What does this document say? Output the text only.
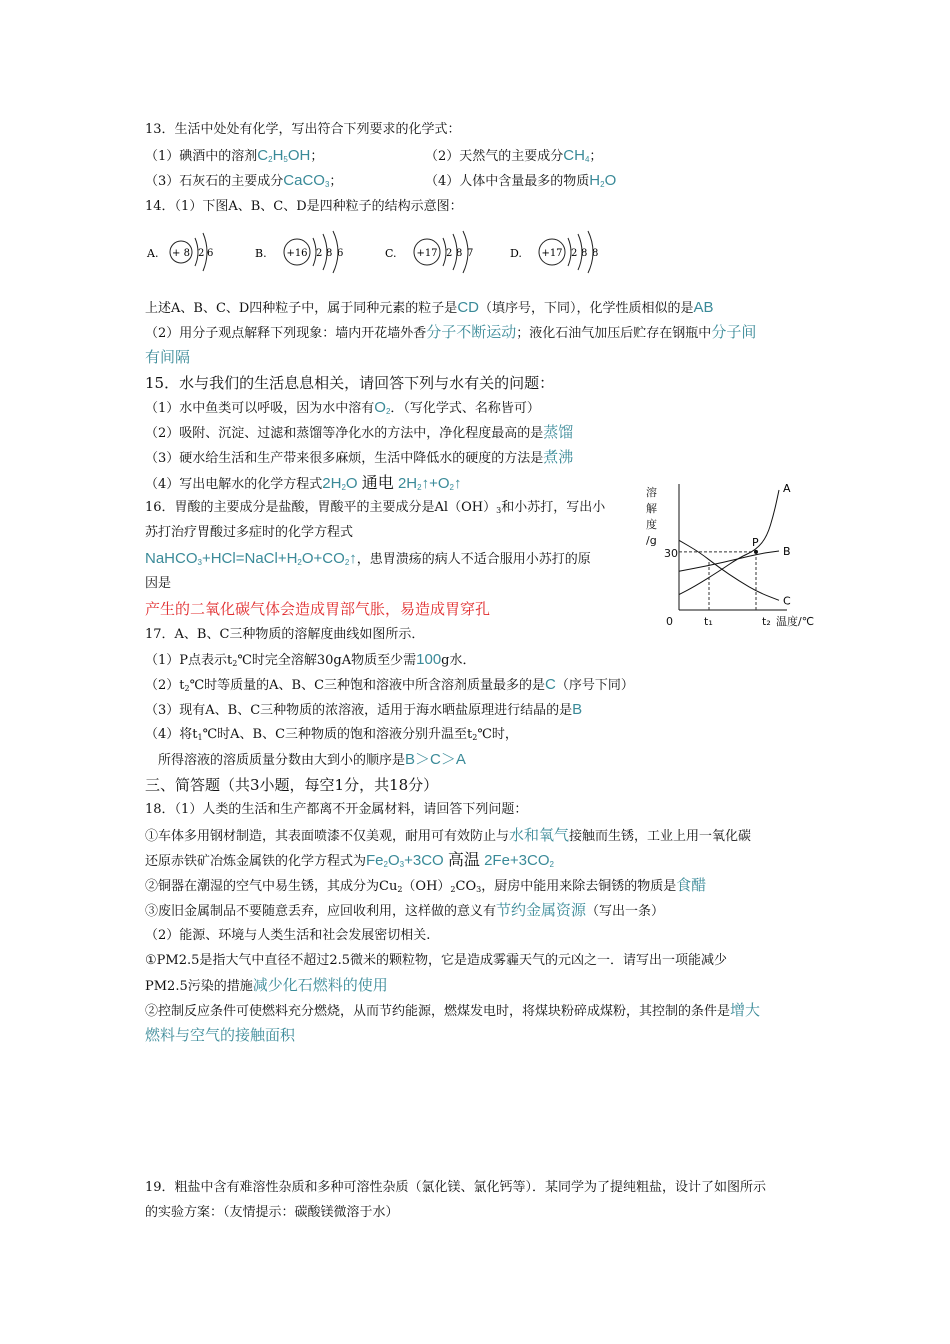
13．生活中处处有化学，写出符合下列要求的化学式：
（1）碘酒中的溶剂$C_2H_5OH$；	（2）天然气的主要成分$CH_4$；
（3）石灰石的主要成分CaCO$_3$；	（4）人体中含量最多的物质$H_2O$
14．（1）下图A、B、C、D是四种粒子的结构示意图：
A. + 8 2 6	B. +16 2 8 6	C. +17 2 8 7	D. +17 2 8 8
上述A、B、C、D四种粒子中，属于同种元素的粒子是CD（填序号，下同），化学性质相似的是AB
（2）用分子观点解释下列现象：墙内开花墙外香分子不断运动；液化石油气加压后贮存在钢瓶中分子间
有间隔
15．水与我们的生活息息相关，请回答下列与水有关的问题：
（1）水中鱼类可以呼吸，因为水中溶有$O_2$．（写化学式、名称皆可）
（2）吸附、沉淀、过滤和蒸馏等净化水的方法中，净化程度最高的是蒸馏
（3）硬水给生活和生产带来很多麻烦，生活中降低水的硬度的方法是煮沸
（4）写出电解水的化学方程式$2H_2O$ 通电 $2H_2↑+O_2↑$
16．胃酸的主要成分是盐酸，胃酸平的主要成分是$Al(OH)_3$和小苏打，写出小
苏打治疗胃酸过多症时的化学方程式
$NaHCO_3+HCl=NaCl+H_2O+CO_2↑$，患胃溃疡的病人不适合服用小苏打的原
因是
产生的二氧化碳气体会造成胃部气胀，易造成胃穿孔
溶
解
度
/g
30
0	t₁	t₂ 温度/℃
A
B
C
P
17．A、B、C三种物质的溶解度曲线如图所示．
（1）P点表示$t_2℃$时完全溶解30gA物质至少需100g水．
$(2)t_2℃$时等质量的A、B、C三种饱和溶液中所含溶剂质量最多的是C（序号下同）
（3）现有A、B、C三种物质的浓溶液，适用于海水晒盐原理进行结晶的是B
（4）将$t_1℃$时A、B、C三种物质的饱和溶液分别升温至$t_2℃$时，
所得溶液的溶质质量分数由大到小的顺序是B＞C＞A
三、简答题（共3小题，每空1分，共18分）
18．（1）人类的生活和生产都离不开金属材料，请回答下列问题：
①车体多用钢材制造，其表面喷漆不仅美观，耐用可有效防止与水和氧气接触而生锈，工业上用一氧化碳
还原赤铁矿冶炼金属铁的化学方程式为$Fe_2O_3+3CO$ 高温 $2Fe+3CO_2$
②铜器在潮湿的空气中易生锈，其成分为$Cu_2(OH)_2CO_3$，厨房中能用来除去铜锈的物质是食醋
③废旧金属制品不要随意丢弃，应回收利用，这样做的意义有节约金属资源（写出一条）
（2）能源、环境与人类生活和社会发展密切相关.
①PM2.5是指大气中直径不超过2.5微米的颗粒物，它是造成雾霾天气的元凶之一．请写出一项能减少
PM2.5污染的措施减少化石燃料的使用
②控制反应条件可使燃料充分燃烧，从而节约能源，燃煤发电时，将煤块粉碎成煤粉，其控制的条件是增大
燃料与空气的接触面积
19．粗盐中含有难溶性杂质和多种可溶性杂质（氯化镁、氯化钙等）．某同学为了提纯粗盐，设计了如图所示
的实验方案：（友情提示：碳酸镁微溶于水）
